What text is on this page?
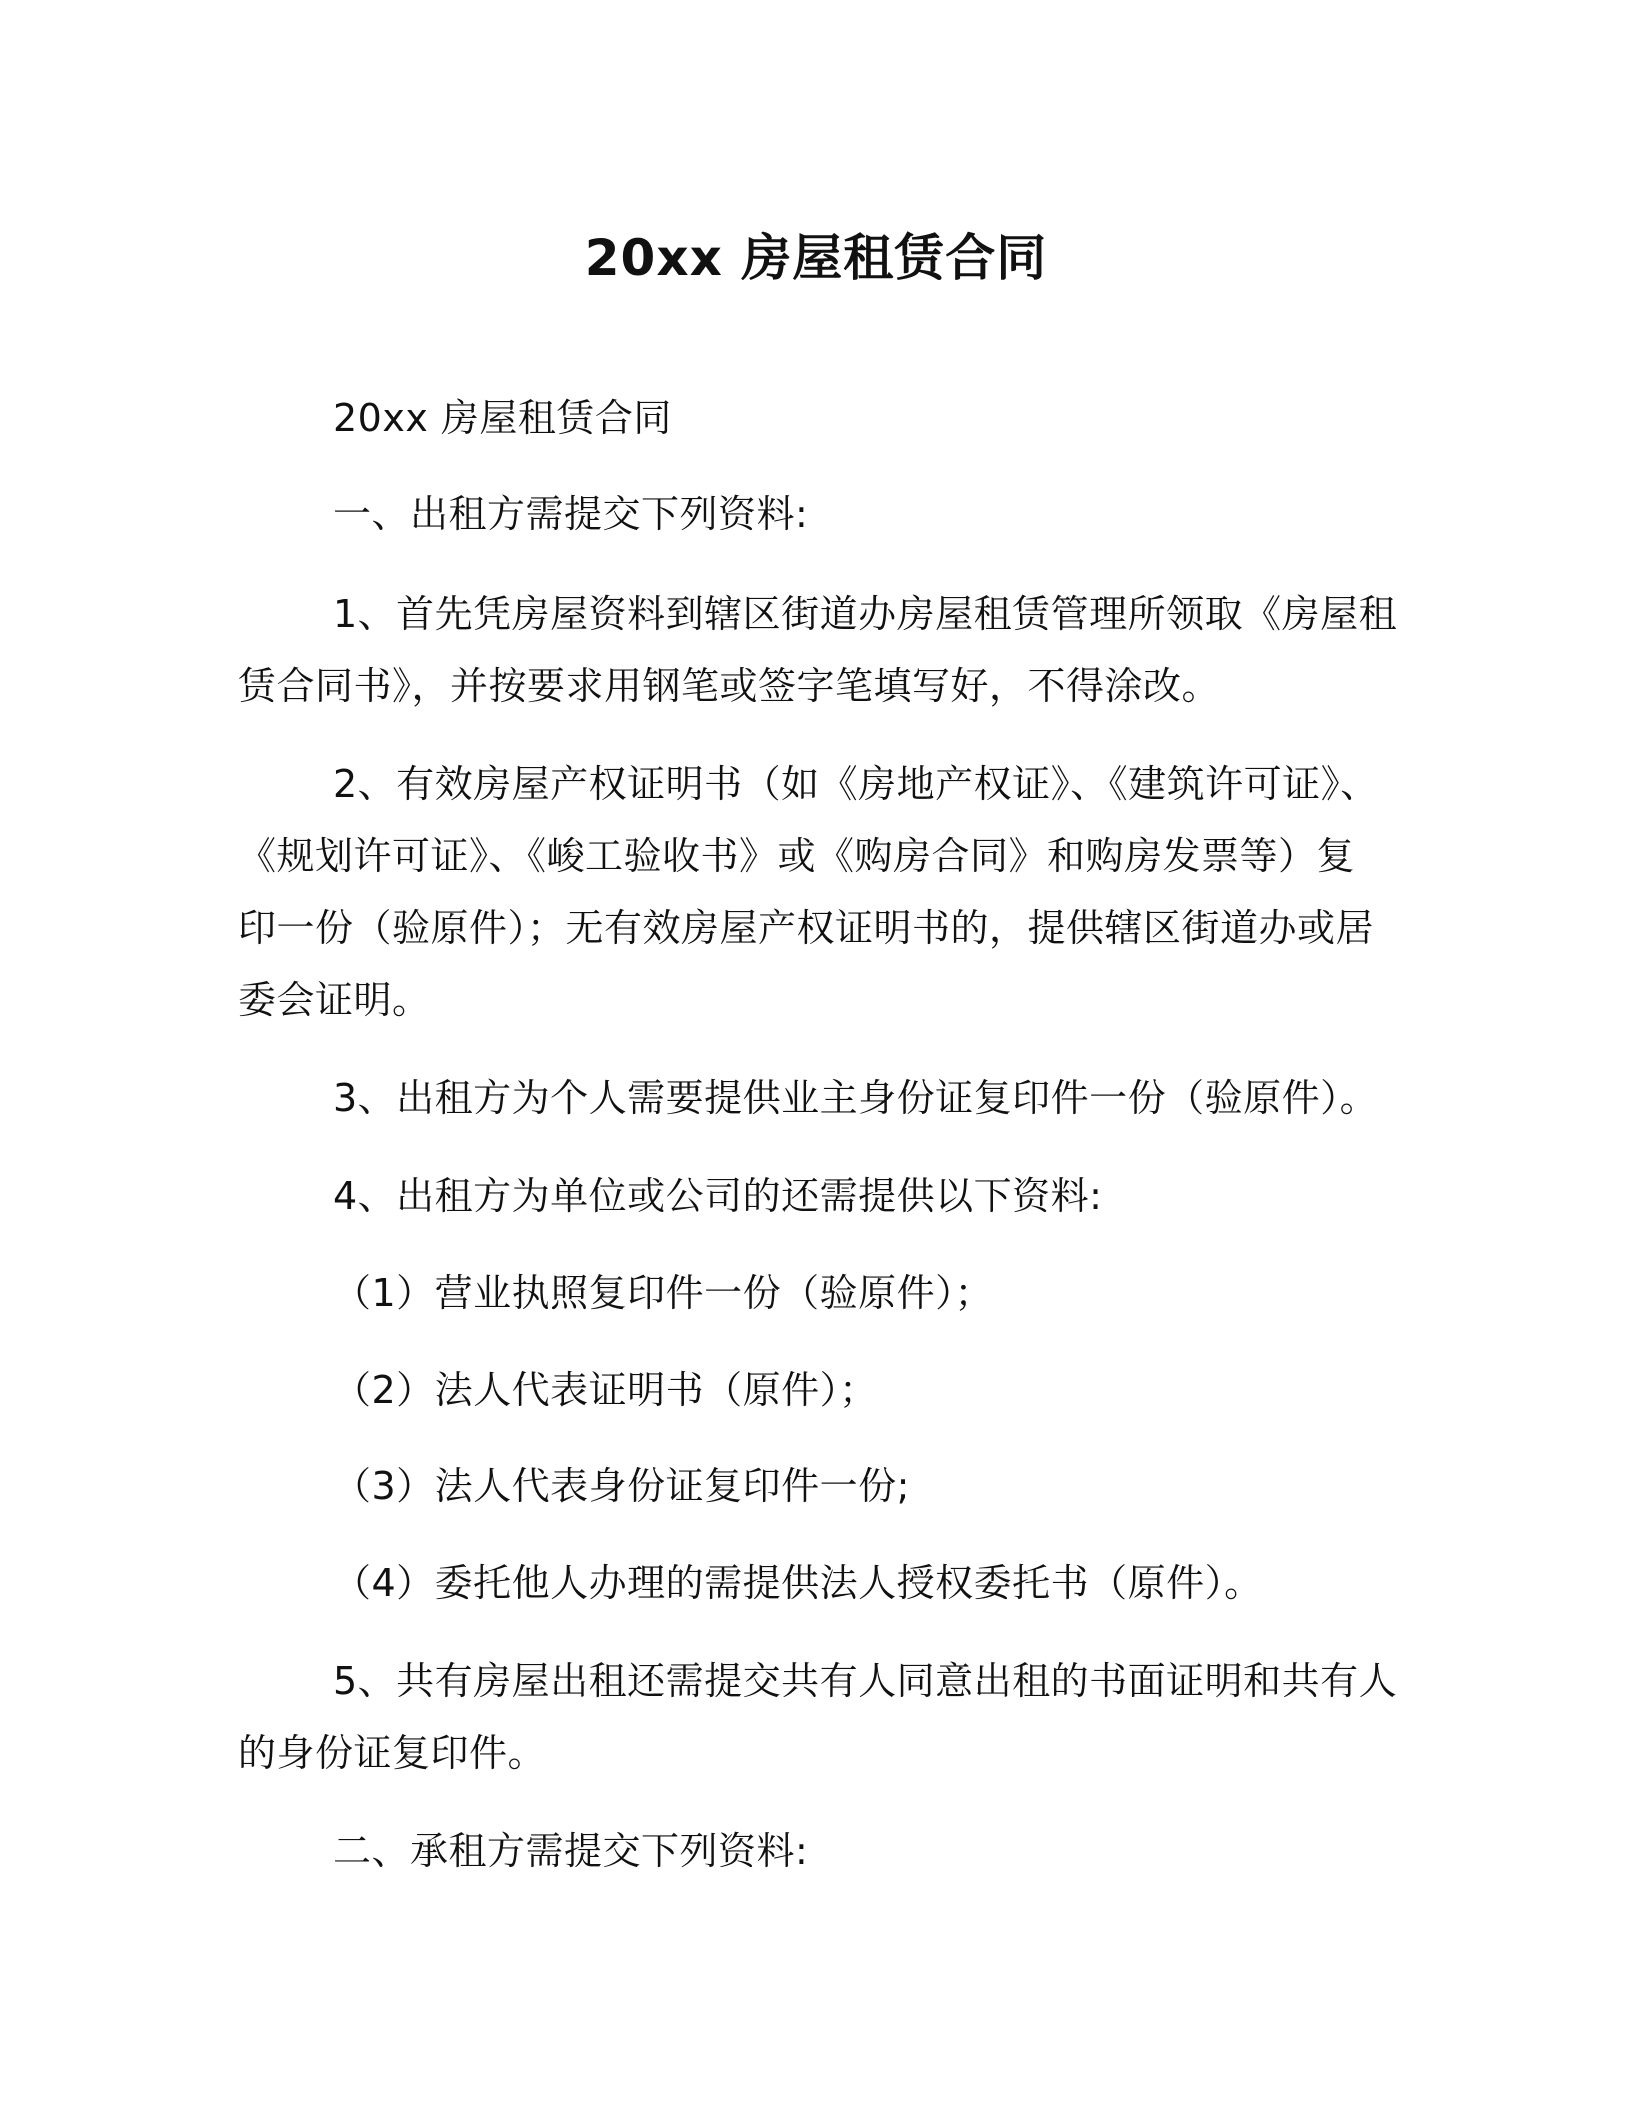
20xx 房屋租赁合同

20xx 房屋租赁合同

一、出租方需提交下列资料:

1、首先凭房屋资料到辖区街道办房屋租赁管理所领取《房屋租
赁合同书》，并按要求用钢笔或签字笔填写好，不得涂改。
2、有效房屋产权证明书（如《房地产权证》、《建筑许可证》、
《规划许可证》、《峻工验收书》或《购房合同》和购房发票等）复
印一份（验原件）；无有效房屋产权证明书的，提供辖区街道办或居
委会证明。

3、出租方为个人需要提供业主身份证复印件一份（验原件）。

4、出租方为单位或公司的还需提供以下资料:

（1）营业执照复印件一份（验原件）；

（2）法人代表证明书（原件）；

（3）法人代表身份证复印件一份;

（4）委托他人办理的需提供法人授权委托书（原件）。

5、共有房屋出租还需提交共有人同意出租的书面证明和共有人
的身份证复印件。

二、承租方需提交下列资料:
